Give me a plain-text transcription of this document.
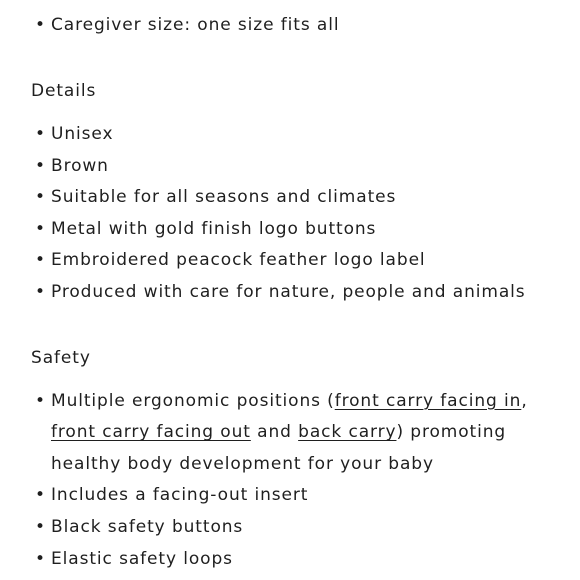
• Caregiver size: one size fits all
Details
• Unisex
• Brown
• Suitable for all seasons and climates
• Metal with gold finish logo buttons
• Embroidered peacock feather logo label
• Produced with care for nature, people and animals
Safety
• Multiple ergonomic positions (front carry facing in, front carry facing out and back carry) promoting healthy body development for your baby
• Includes a facing-out insert
• Black safety buttons
• Elastic safety loops
